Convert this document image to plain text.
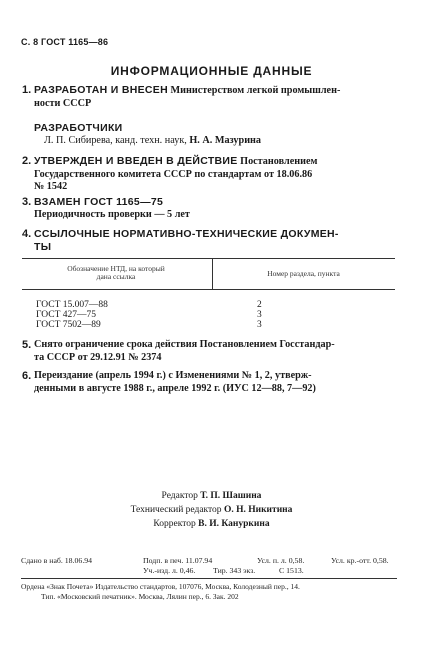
С. 8 ГОСТ 1165—86
ИНФОРМАЦИОННЫЕ ДАННЫЕ
1. РАЗРАБОТАН И ВНЕСЕН Министерством легкой промышлен-
ности СССР
РАЗРАБОТЧИКИ
Л. П. Сибирева, канд. техн. наук, Н. А. Мазурина
2. УТВЕРЖДЕН И ВВЕДЕН В ДЕЙСТВИЕ Постановлением
Государственного комитета СССР по стандартам от 18.06.86
№ 1542
3. ВЗАМЕН ГОСТ 1165—75
Периодичность проверки — 5 лет
4. ССЫЛОЧНЫЕ НОРМАТИВНО-ТЕХНИЧЕСКИЕ ДОКУМЕН-
ТЫ
Обозначение НТД, на который
дана ссылка	Номер раздела, пункта
ГОСТ 15.007—88	2
ГОСТ 427—75	3
ГОСТ 7502—89	3
5. Снято ограничение срока действия Постановлением Госстандар-
та СССР от 29.12.91 № 2374
6. Переиздание (апрель 1994 г.) с Изменениями № 1, 2, утверж-
денными в августе 1988 г., апреле 1992 г. (ИУС 12—88, 7—92)
Редактор Т. П. Шашина
Технический редактор О. Н. Никитина
Корректор В. И. Кануркина
Сдано в наб. 18.06.94	Подп. в печ. 11.07.94	Усл. п. л. 0,58.	Усл. кр.-отт. 0,58.
Уч.-изд. л. 0,46. Тир. 343 экз.	С 1513.
Ордена «Знак Почета» Издательство стандартов, 107076, Москва, Колодезный пер., 14.
Тип. «Московский печатник». Москва, Лялин пер., 6. Зак. 202
